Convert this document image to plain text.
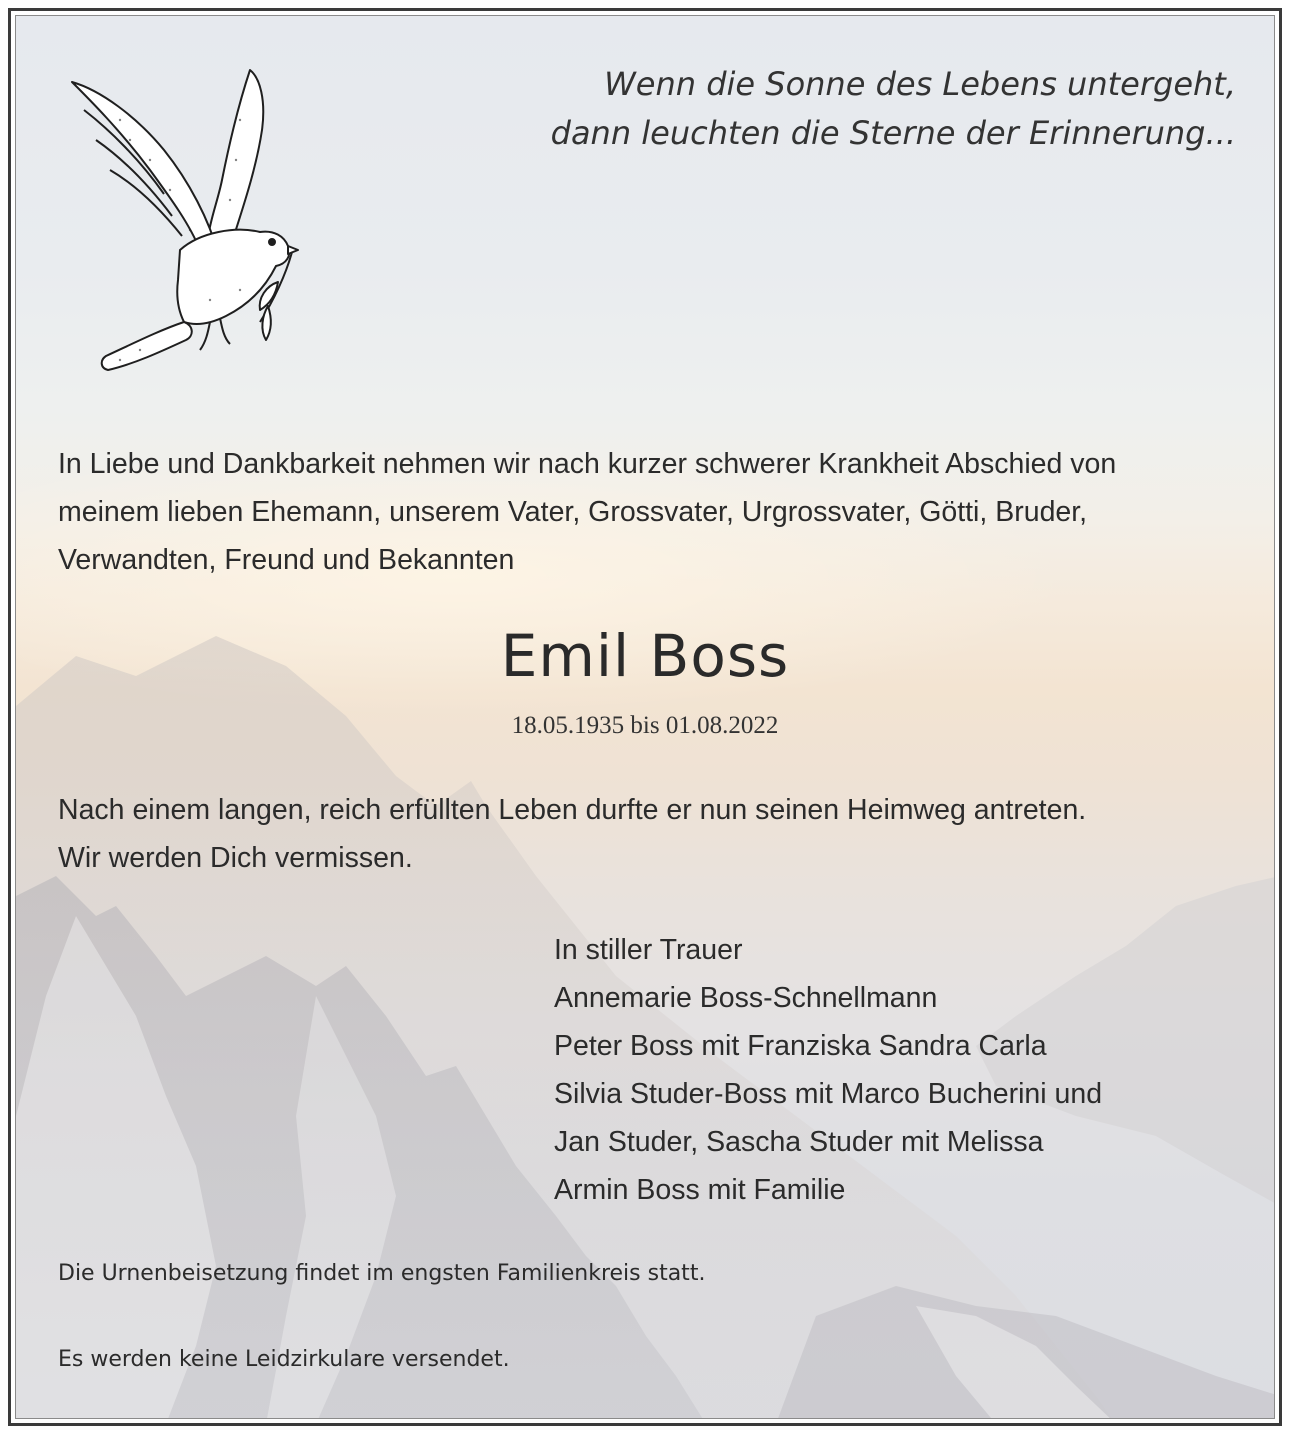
Wenn die Sonne des Lebens untergeht,
dann leuchten die Sterne der Erinnerung...
In Liebe und Dankbarkeit nehmen wir nach kurzer schwerer Krankheit Abschied von
meinem lieben Ehemann, unserem Vater, Grossvater, Urgrossvater, Götti, Bruder,
Verwandten, Freund und Bekannten
Emil Boss
18.05.1935 bis 01.08.2022
Nach einem langen, reich erfüllten Leben durfte er nun seinen Heimweg antreten.
Wir werden Dich vermissen.
In stiller Trauer
Annemarie Boss-Schnellmann
Peter Boss mit Franziska Sandra Carla
Silvia Studer-Boss mit Marco Bucherini und
Jan Studer, Sascha Studer mit Melissa
Armin Boss mit Familie
Die Urnenbeisetzung findet im engsten Familienkreis statt.
Es werden keine Leidzirkulare versendet.
